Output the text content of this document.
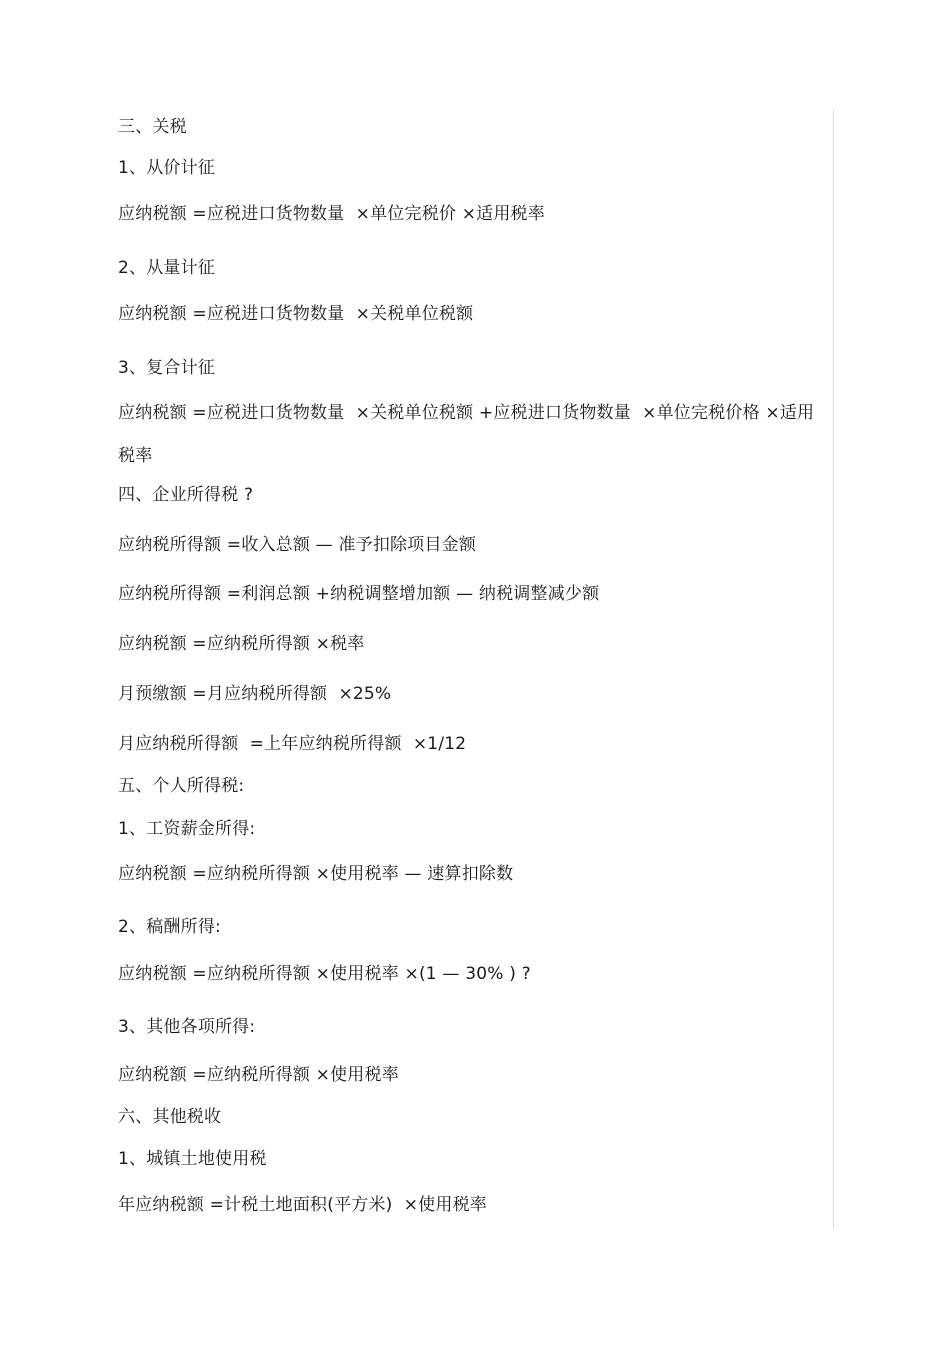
三、关税
1、从价计征
应纳税额 =应税进口货物数量  ×单位完税价 ×适用税率
2、从量计征
应纳税额 =应税进口货物数量  ×关税单位税额
3、复合计征
应纳税额 =应税进口货物数量  ×关税单位税额 +应税进口货物数量  ×单位完税价格 ×适用
税率
四、企业所得税 ?
应纳税所得额 =收入总额 — 准予扣除项目金额
应纳税所得额 =利润总额 +纳税调整增加额 — 纳税调整减少额
应纳税额 =应纳税所得额 ×税率
月预缴额 =月应纳税所得额  ×25%
月应纳税所得额  =上年应纳税所得额  ×1/12
五、个人所得税:
1、工资薪金所得:
应纳税额 =应纳税所得额 ×使用税率 — 速算扣除数
2、稿酬所得:
应纳税额 =应纳税所得额 ×使用税率 ×(1 — 30% ) ?
3、其他各项所得:
应纳税额 =应纳税所得额 ×使用税率
六、其他税收
1、城镇土地使用税
年应纳税额 =计税土地面积(平方米)  ×使用税率
